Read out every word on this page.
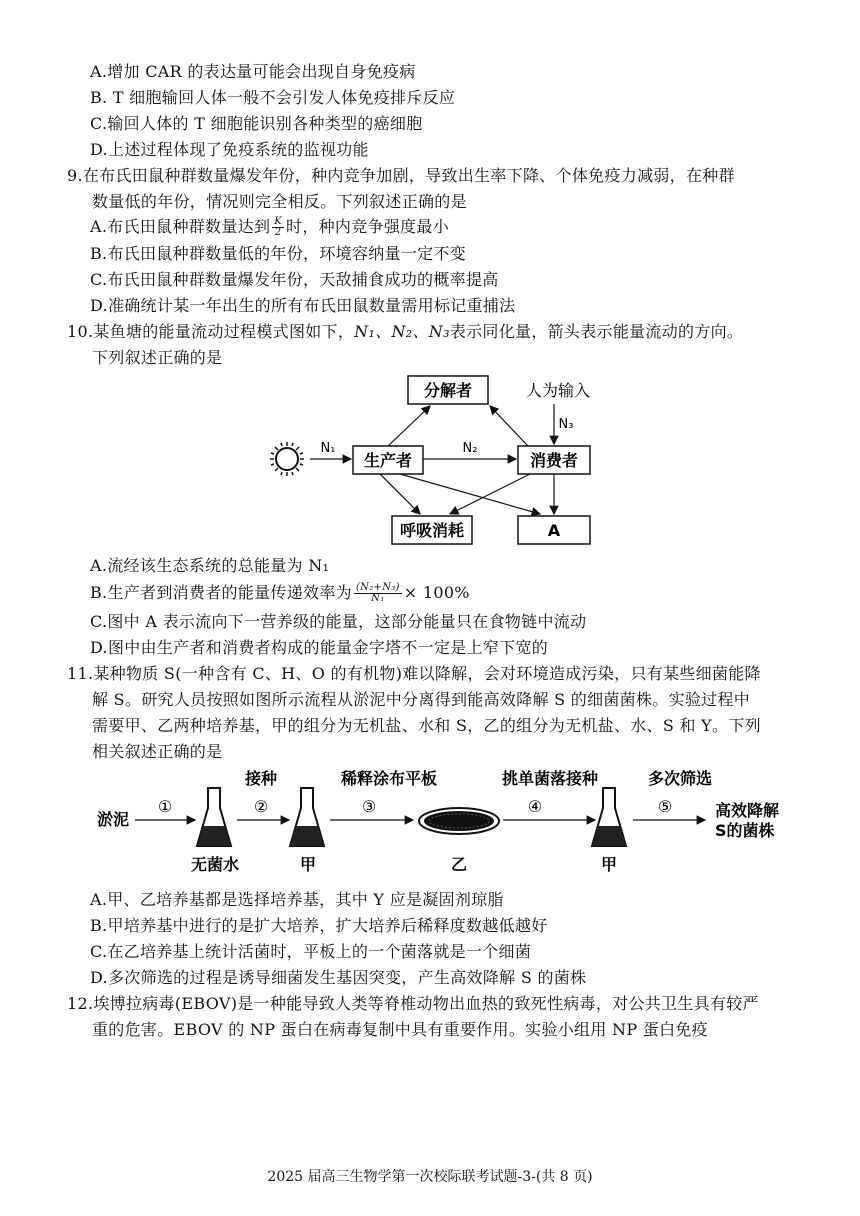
A.增加 CAR 的表达量可能会出现自身免疫病
B. T 细胞输回人体一般不会引发人体免疫排斥反应
C.输回人体的 T 细胞能识别各种类型的癌细胞
D.上述过程体现了免疫系统的监视功能
9.在布氏田鼠种群数量爆发年份，种内竞争加剧，导致出生率下降、个体免疫力减弱，在种群
数量低的年份，情况则完全相反。下列叙述正确的是
A.布氏田鼠种群数量达到 $\frac{K}{2}$ 时，种内竞争强度最小
B.布氏田鼠种群数量低的年份，环境容纳量一定不变
C.布氏田鼠种群数量爆发年份，天敌捕食成功的概率提高
D.准确统计某一年出生的所有布氏田鼠数量需用标记重捕法
10.某鱼塘的能量流动过程模式图如下，N₁、N₂、N₃表示同化量，箭头表示能量流动的方向。
下列叙述正确的是
分解者	人为输入
生产者	消费者
呼吸消耗	A
N₁	N₂
N₃
A.流经该生态系统的总能量为 N₁
B.生产者到消费者的能量传递效率为 $\frac{\text{(N₂+N₃)}}{\text{N₁}} \times 100\%$
C.图中 A 表示流向下一营养级的能量，这部分能量只在食物链中流动
D.图中由生产者和消费者构成的能量金字塔不一定是上窄下宽的
11.某种物质 S(一种含有 C、H、O 的有机物)难以降解，会对环境造成污染，只有某些细菌能降
解 S。研究人员按照如图所示流程从淤泥中分离得到能高效降解 S 的细菌菌株。实验过程中
需要甲、乙两种培养基，甲的组分为无机盐、水和 S，乙的组分为无机盐、水、S 和 Y。下列
相关叙述正确的是
淤泥
①
无菌水
接种
②
甲
稀释涂布平板
③
乙
挑单菌落接种
④
甲
多次筛选
⑤	高效降解
S的菌株
A.甲、乙培养基都是选择培养基，其中 Y 应是凝固剂琼脂
B.甲培养基中进行的是扩大培养，扩大培养后稀释度数越低越好
C.在乙培养基上统计活菌时，平板上的一个菌落就是一个细菌
D.多次筛选的过程是诱导细菌发生基因突变，产生高效降解 S 的菌株
12.埃博拉病毒(EBOV)是一种能导致人类等脊椎动物出血热的致死性病毒，对公共卫生具有较严
重的危害。EBOV 的 NP 蛋白在病毒复制中具有重要作用。实验小组用 NP 蛋白免疫
2025 届高三生物学第一次校际联考试题-3-(共 8 页)
